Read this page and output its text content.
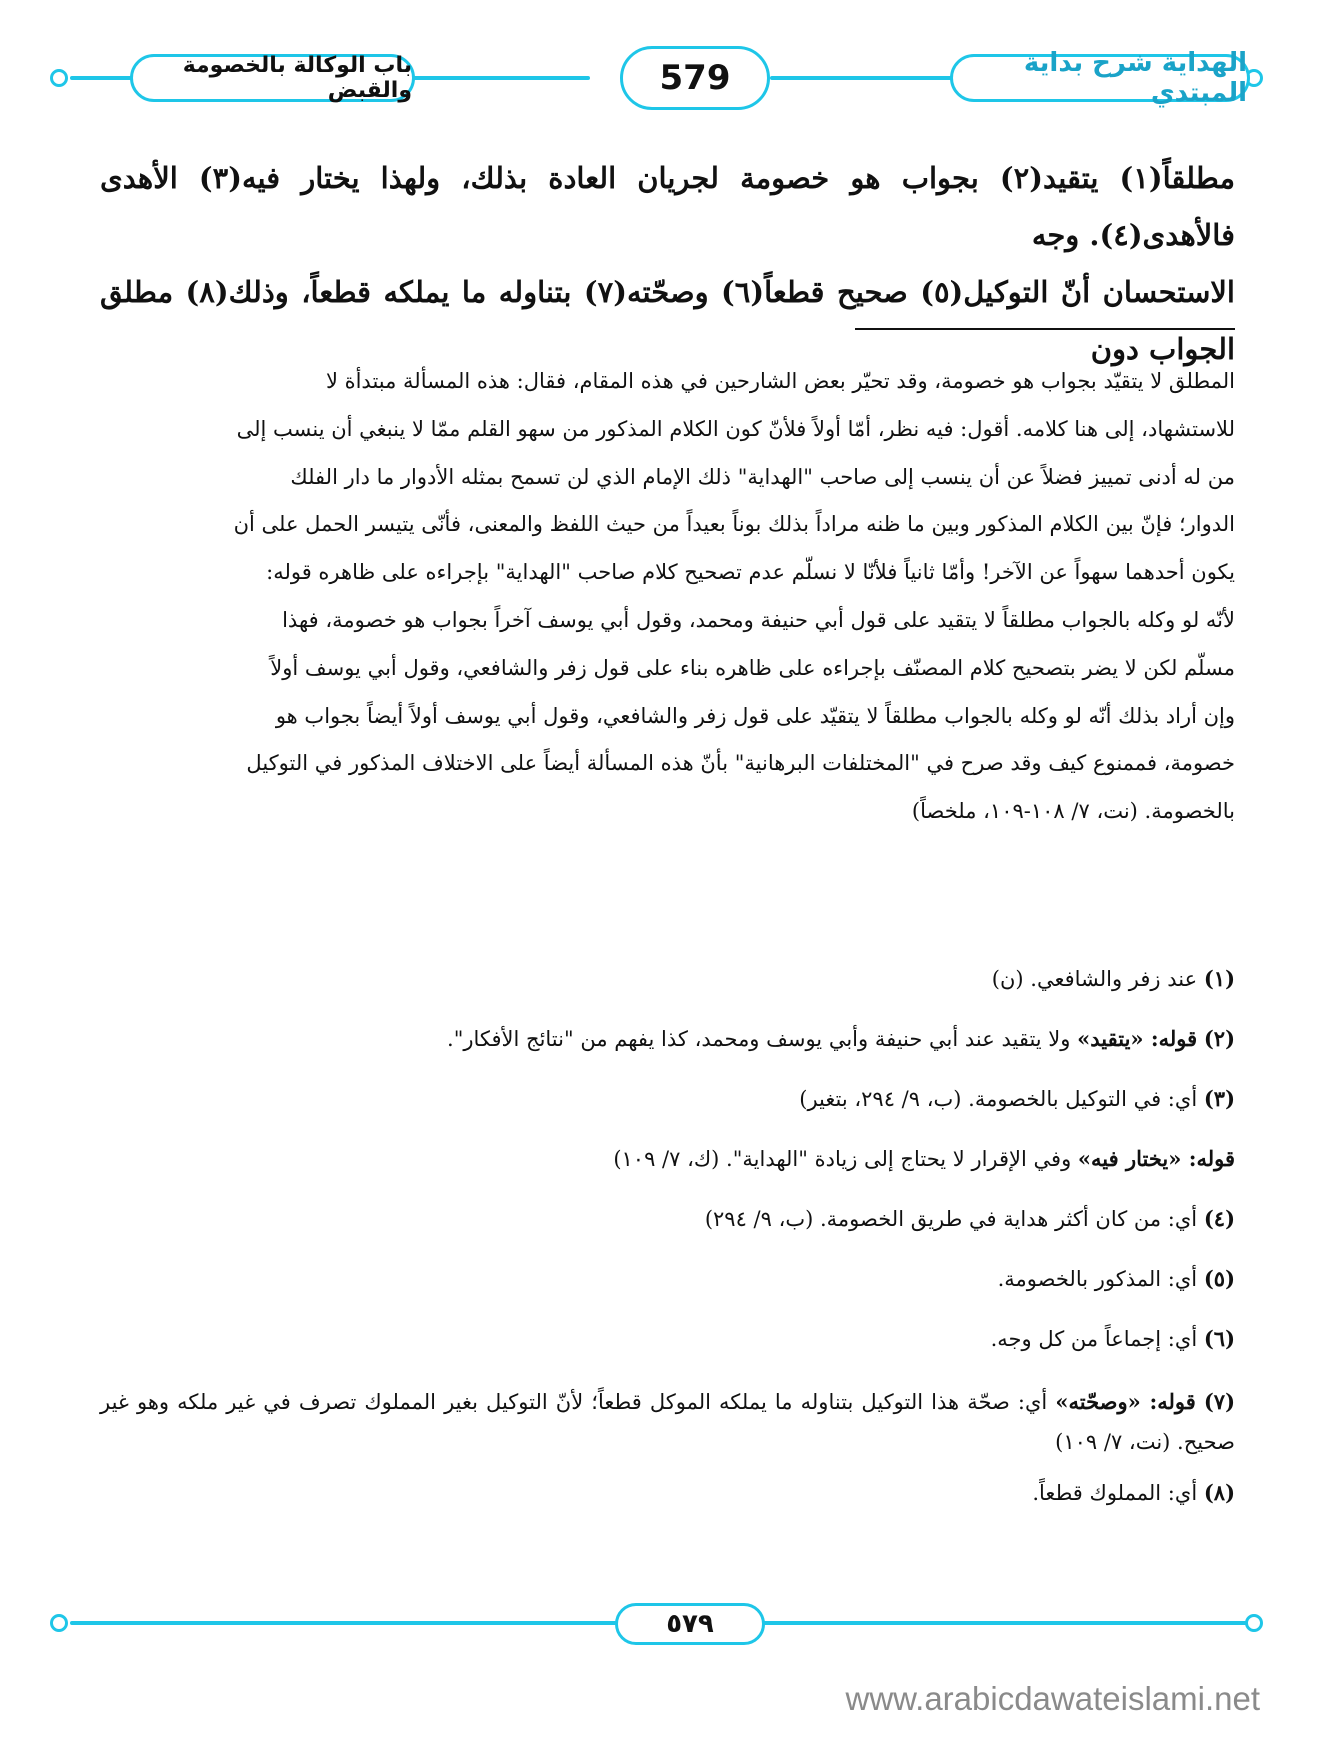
باب الوكالة بالخصومة والقبض	579	الهداية شرح بداية المبتدي

مطلقاً(١) يتقيد(٢) بجواب هو خصومة لجريان العادة بذلك، ولهذا يختار فيه(٣) الأهدى فالأهدى(٤). وجه

الاستحسان أنّ التوكيل(٥) صحيح قطعاً(٦) وصحّته(٧) بتناوله ما يملكه قطعاً، وذلك(٨) مطلق الجواب دون

المطلق لا يتقيّد بجواب هو خصومة، وقد تحيّر بعض الشارحين في هذه المقام، فقال: هذه المسألة مبتدأة لا

للاستشهاد، إلى هنا كلامه. أقول: فيه نظر، أمّا أولاً فلأنّ كون الكلام المذكور من سهو القلم ممّا لا ينبغي أن ينسب إلى

من له أدنى تمييز فضلاً عن أن ينسب إلى صاحب "الهداية" ذلك الإمام الذي لن تسمح بمثله الأدوار ما دار الفلك

الدوار؛ فإنّ بين الكلام المذكور وبين ما ظنه مراداً بذلك بوناً بعيداً من حيث اللفظ والمعنى، فأنّى يتيسر الحمل على أن

يكون أحدهما سهواً عن الآخر! وأمّا ثانياً فلأنّا لا نسلّم عدم تصحيح كلام صاحب "الهداية" بإجراءه على ظاهره قوله:

لأنّه لو وكله بالجواب مطلقاً لا يتقيد على قول أبي حنيفة ومحمد، وقول أبي يوسف آخراً بجواب هو خصومة، فهذا

مسلّم لكن لا يضر بتصحيح كلام المصنّف بإجراءه على ظاهره بناء على قول زفر والشافعي، وقول أبي يوسف أولاً

وإن أراد بذلك أنّه لو وكله بالجواب مطلقاً لا يتقيّد على قول زفر والشافعي، وقول أبي يوسف أولاً أيضاً بجواب هو

خصومة، فممنوع كيف وقد صرح في "المختلفات البرهانية" بأنّ هذه المسألة أيضاً على الاختلاف المذكور في التوكيل

بالخصومة. (نت، ٧/ ١٠٨-١٠٩، ملخصاً)

(١) عند زفر والشافعي. (ن)
(٢) قوله: «يتقيد» ولا يتقيد عند أبي حنيفة وأبي يوسف ومحمد، كذا يفهم من "نتائج الأفكار".
(٣) أي: في التوكيل بالخصومة. (ب، ٩/ ٢٩٤، بتغير)
قوله: «يختار فيه» وفي الإقرار لا يحتاج إلى زيادة "الهداية". (ك، ٧/ ١٠٩)
(٤) أي: من كان أكثر هداية في طريق الخصومة. (ب، ٩/ ٢٩٤)
(٥) أي: المذكور بالخصومة.
(٦) أي: إجماعاً من كل وجه.
(٧) قوله: «وصحّته» أي: صحّة هذا التوكيل بتناوله ما يملكه الموكل قطعاً؛ لأنّ التوكيل بغير المملوك تصرف في غير ملكه وهو غير صحيح. (نت، ٧/ ١٠٩)
(٨) أي: المملوك قطعاً.
٥٧٩
www.arabicdawateislami.net
